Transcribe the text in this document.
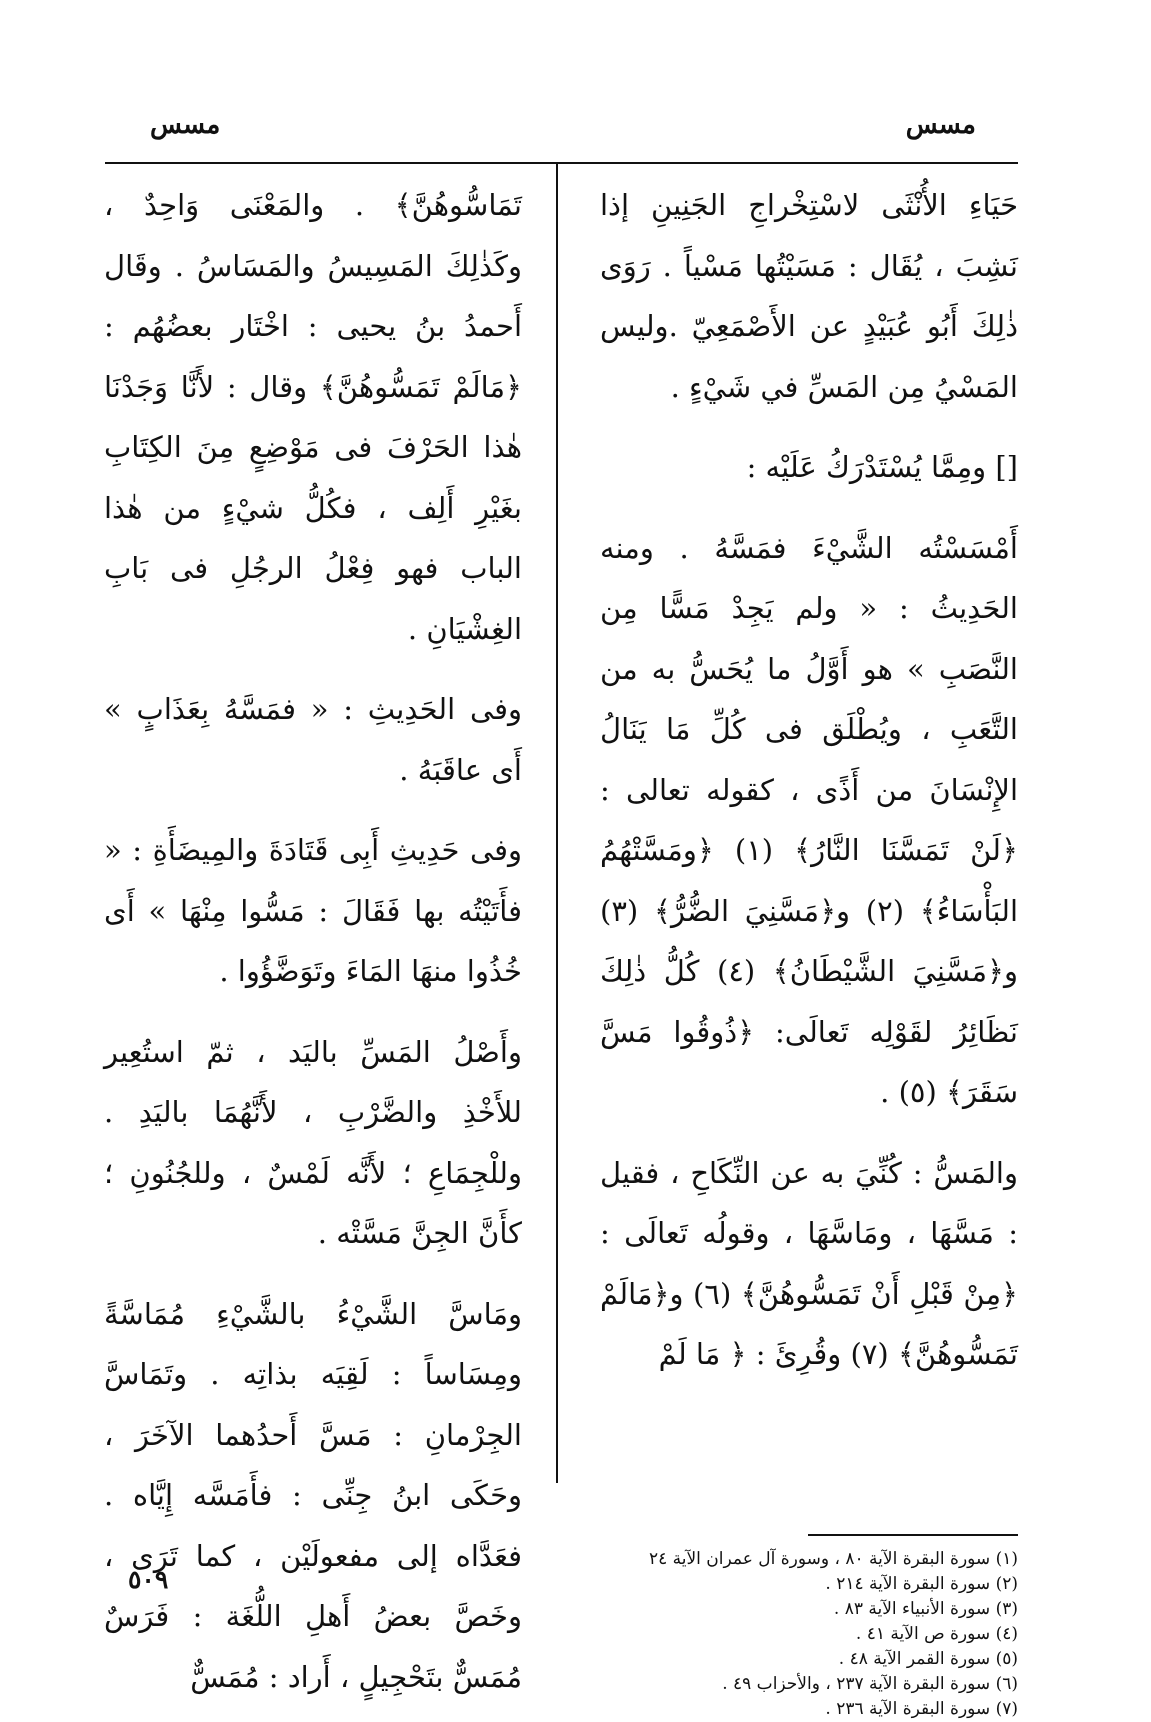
مسس
مسس

حَيَاءِ الأُنْثَى لاسْتِخْراجِ الجَنِينِ إذا نَشِبَ ، يُقَال : مَسَيْتُها مَسْياً . رَوَى ذٰلِكَ أَبُو عُبَيْدٍ عن الأَصْمَعِيّ .وليس المَسْيُ مِن المَسِّ في شَيْءٍ .

[] ومِمَّا يُسْتَدْرَكُ عَلَيْه :

أَمْسَسْتُه الشَّيْءَ فمَسَّهُ . ومنه الحَدِيثُ : « ولم يَجِدْ مَسًّا مِن النَّصَبِ » هو أَوَّلُ ما يُحَسُّ به من التَّعَبِ ، ويُطْلَق فى كُلِّ مَا يَنَالُ الإِنْسَانَ من أَذًى ، كقوله تعالى : ﴿لَنْ تَمَسَّنَا النَّارُ﴾ (١) ﴿ومَسَّتْهُمُ البَأْسَاءُ﴾ (٢) و﴿مَسَّنِيَ الضُّرُّ﴾ (٣) و﴿مَسَّنِيَ الشَّيْطَانُ﴾ (٤) كُلُّ ذٰلِكَ نَظَائِرُ لقَوْلِه تَعالَى: ﴿ذُوقُوا مَسَّ سَقَرَ﴾ (٥) .

والمَسُّ : كُنِّيَ به عن النِّكَاحِ ، فقيل : مَسَّهَا ، ومَاسَّهَا ، وقولُه تَعالَى : ﴿مِنْ قَبْلِ أَنْ تَمَسُّوهُنَّ﴾ (٦) و﴿مَالَمْ تَمَسُّوهُنَّ﴾ (٧) وقُرِئَ : ﴿ مَا لَمْ

تَمَاسُّوهُنَّ﴾ . والمَعْنَى وَاحِدٌ ، وكَذٰلِكَ المَسِيسُ والمَسَاسُ . وقَال أَحمدُ بنُ يحيى : اخْتَار بعضُهُم : ﴿مَالَمْ تَمَسُّوهُنَّ﴾ وقال : لأَنَّا وَجَدْنَا هٰذا الحَرْفَ فى مَوْضِعٍ مِنَ الكِتَابِ بغَيْرِ أَلِف ، فكُلُّ شيْءٍ من هٰذا الباب فهو فِعْلُ الرجُلِ فى بَابِ الغِشْيَانِ .

وفى الحَدِيثِ : « فمَسَّهُ بِعَذَابٍ » أَى عاقَبَهُ .

وفى حَدِيثِ أَبِى قَتَادَةَ والمِيضَأَةِ : « فأَتَيْتُه بها فَقَالَ : مَسُّوا مِنْهَا » أَى خُذُوا منهَا المَاءَ وتَوَضَّؤُوا .

وأَصْلُ المَسِّ باليَد ، ثمّ استُعِير للأَخْذِ والضَّرْبِ ، لأَنَّهُمَا باليَدِ . وللْجِمَاعِ ؛ لأَنَّه لَمْسٌ ، وللجُنُونِ ؛ كأَنَّ الجِنَّ مَسَّتْه .

ومَاسَّ الشَّيْءُ بالشَّيْءِ مُمَاسَّةً ومِسَاساً : لَقِيَه بذاتِه . وتَمَاسَّ الجِرْمانِ : مَسَّ أَحدُهما الآخَرَ ، وحَكَى ابنُ جِنِّى : فأَمَسَّه إِيَّاه . فعَدَّاه إلى مفعولَيْن ، كما تَرَى ، وخَصَّ بعضُ أَهلِ اللُّغَة : فَرَسٌ مُمَسٌّ بتَحْجِيلٍ ، أَراد : مُمَسٌّ

(١) سورة البقرة الآية ٨٠ ، وسورة آل عمران الآية ٢٤
(٢) سورة البقرة الآية ٢١٤ .
(٣) سورة الأنبياء الآية ٨٣ .
(٤) سورة ص الآية ٤١ .
(٥) سورة القمر الآية ٤٨ .
(٦) سورة البقرة الآية ٢٣٧ ، والأحزاب ٤٩ .
(٧) سورة البقرة الآية ٢٣٦ .
٥٠٩
